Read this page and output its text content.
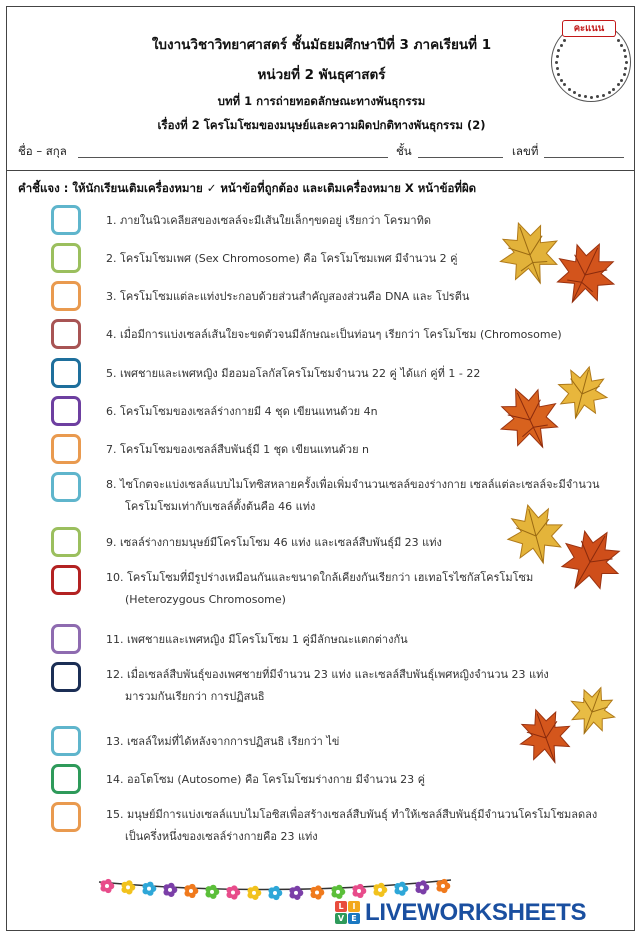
ใบงานวิชาวิทยาศาสตร์ ชั้นมัธยมศึกษาปีที่ 3 ภาคเรียนที่ 1
หน่วยที่ 2 พันธุศาสตร์
บทที่ 1 การถ่ายทอดลักษณะทางพันธุกรรม
เรื่องที่ 2 โครโมโซมของมนุษย์และความผิดปกติทางพันธุกรรม (2)
คะแนน
ชื่อ – สกุล	ชั้น	เลขที่
คำชี้แจง : ให้นักเรียนเติมเครื่องหมาย ✓ หน้าข้อที่ถูกต้อง และเติมเครื่องหมาย X หน้าข้อที่ผิด
1. ภายในนิวเคลียสของเซลล์จะมีเส้นใยเล็กๆขดอยู่ เรียกว่า โครมาทิด
2. โครโมโซมเพศ (Sex Chromosome) คือ โครโมโซมเพศ มีจำนวน 2 คู่
3. โครโมโซมแต่ละแท่งประกอบด้วยส่วนสำคัญสองส่วนคือ DNA และ โปรตีน
4. เมื่อมีการแบ่งเซลล์เส้นใยจะขดตัวจนมีลักษณะเป็นท่อนๆ เรียกว่า โครโมโซม (Chromosome)
5. เพศชายและเพศหญิง มีฮอมอโลกัสโครโมโซมจำนวน 22 คู่ ได้แก่ คู่ที่ 1 - 22
6. โครโมโซมของเซลล์ร่างกายมี 4 ชุด เขียนแทนด้วย 4n
7. โครโมโซมของเซลล์สืบพันธุ์มี 1 ชุด เขียนแทนด้วย n
8. ไซโกตจะแบ่งเซลล์แบบไมโทซิสหลายครั้งเพื่อเพิ่มจำนวนเซลล์ของร่างกาย เซลล์แต่ละเซลล์จะมีจำนวน
โครโมโซมเท่ากับเซลล์ตั้งต้นคือ 46 แท่ง
9. เซลล์ร่างกายมนุษย์มีโครโมโซม 46 แท่ง และเซลล์สืบพันธุ์มี 23 แท่ง
10. โครโมโซมที่มีรูปร่างเหมือนกันและขนาดใกล้เคียงกันเรียกว่า เฮเทอโรไซกัสโครโมโซม
(Heterozygous Chromosome)
11. เพศชายและเพศหญิง มีโครโมโซม 1 คู่มีลักษณะแตกต่างกัน
12. เมื่อเซลล์สืบพันธุ์ของเพศชายที่มีจำนวน 23 แท่ง และเซลล์สืบพันธุ์เพศหญิงจำนวน 23 แท่ง
มารวมกันเรียกว่า การปฏิสนธิ
13. เซลล์ใหม่ที่ได้หลังจากการปฏิสนธิ เรียกว่า ไข่
14. ออโตโซม (Autosome) คือ โครโมโซมร่างกาย มีจำนวน 23 คู่
15. มนุษย์มีการแบ่งเซลล์แบบไมโอซิสเพื่อสร้างเซลล์สืบพันธุ์ ทำให้เซลล์สืบพันธุ์มีจำนวนโครโมโซมลดลง
เป็นครึ่งหนึ่งของเซลล์ร่างกายคือ 23 แท่ง
L	I
V E LIVEWORKSHEETS
